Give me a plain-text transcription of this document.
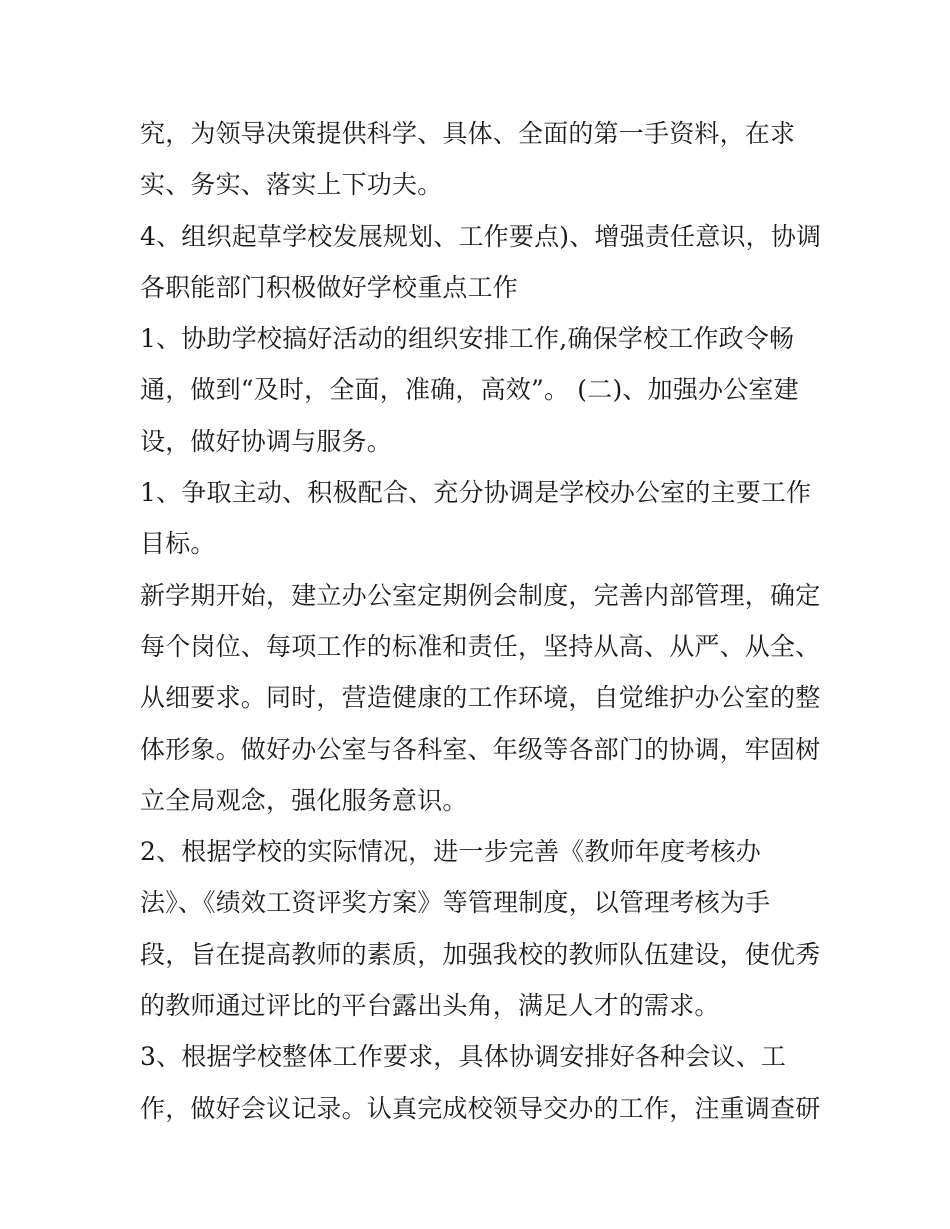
究，为领导决策提供科学、具体、全面的第一手资料，在求
实、务实、落实上下功夫。
4、组织起草学校发展规划、工作要点)、增强责任意识，协调
各职能部门积极做好学校重点工作
1、协助学校搞好活动的组织安排工作,确保学校工作政令畅
通，做到“及时，全面，准确，高效”。 (二)、加强办公室建
设，做好协调与服务。
1、争取主动、积极配合、充分协调是学校办公室的主要工作
目标。
新学期开始，建立办公室定期例会制度，完善内部管理，确定
每个岗位、每项工作的标准和责任，坚持从高、从严、从全、
从细要求。同时，营造健康的工作环境，自觉维护办公室的整
体形象。做好办公室与各科室、年级等各部门的协调，牢固树
立全局观念，强化服务意识。
2、根据学校的实际情况，进一步完善《教师年度考核办
法》、《绩效工资评奖方案》等管理制度，以管理考核为手
段，旨在提高教师的素质，加强我校的教师队伍建设，使优秀
的教师通过评比的平台露出头角，满足人才的需求。
3、根据学校整体工作要求，具体协调安排好各种会议、工
作，做好会议记录。认真完成校领导交办的工作，注重调查研
